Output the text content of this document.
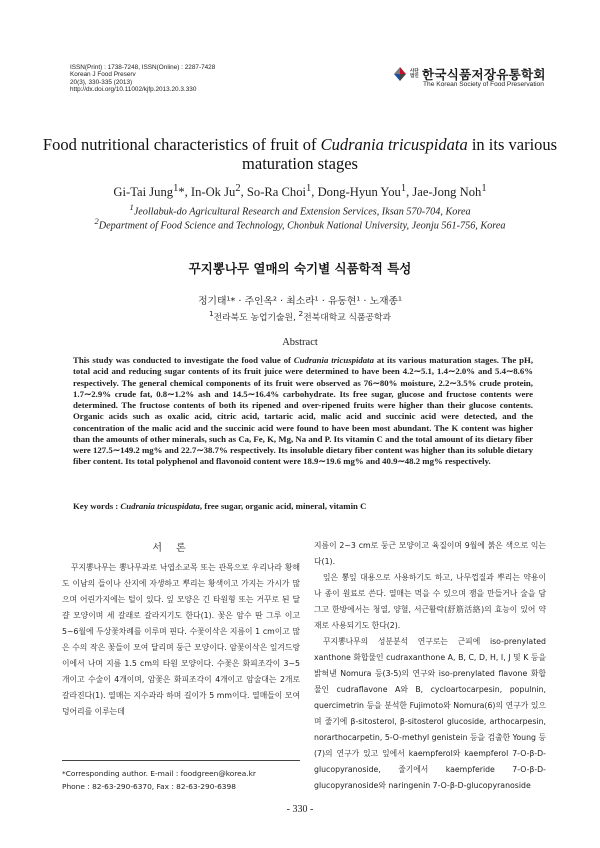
ISSN(Print) : 1738-7248, ISSN(Online) : 2287-7428
Korean J Food Preserv
20(3), 330-335 (2013)
http://dx.doi.org/10.11002/kjfp.2013.20.3.330
사단
법인 한국식품저장유통학회
The Korean Society of Food Preservation
Food nutritional characteristics of fruit of Cudrania tricuspidata in its various maturation stages
Gi-Tai Jung$^1$*, In-Ok Ju$^2$, So-Ra Choi$^1$, Dong-Hyun You$^1$, Jae-Jong Noh$^1$
$^1$Jeollabuk-do Agricultural Research and Extension Services, Iksan 570-704, Korea
$^2$Department of Food Science and Technology, Chonbuk National University, Jeonju 561-756, Korea
꾸지뽕나무 열매의 숙기별 식품학적 특성
정기태¹* · 주인옥² · 최소라¹ · 유동현¹ · 노재종¹
$^1$전라북도 농업기술원, $^2$전북대학교 식품공학과
Abstract
This study was conducted to investigate the food value of Cudrania tricuspidata at its various maturation stages. The pH, total acid and reducing sugar contents of its fruit juice were determined to have been 4.2∼5.1, 1.4∼2.0% and 5.4∼8.6% respectively. The general chemical components of its fruit were observed as 76∼80% moisture, 2.2∼3.5% crude protein, 1.7∼2.9% crude fat, 0.8∼1.2% ash and 14.5∼16.4% carbohydrate. Its free sugar, glucose and fructose contents were determined. The fructose contents of both its ripened and over-ripened fruits were higher than their glucose contents. Organic acids such as oxalic acid, citric acid, tartaric acid, malic acid and succinic acid were detected, and the concentration of the malic acid and the succinic acid were found to have been most abundant. The K content was higher than the amounts of other minerals, such as Ca, Fe, K, Mg, Na and P. Its vitamin C and the total amount of its dietary fiber were 127.5∼149.2 mg% and 22.7∼38.7% respectively. Its insoluble dietary fiber content was higher than its soluble dietary fiber content. Its total polyphenol and flavonoid content were 18.9∼19.6 mg% and 40.9∼48.2 mg% respectively.
Key words : Cudrania tricuspidata, free sugar, organic acid, mineral, vitamin C
서론

꾸지뽕나무는 뽕나무과로 낙엽소교목 또는 관목으로 우리나라 황해도 이남의 들이나 산지에 자생하고 뿌리는 황색이고 가지는 가시가 많으며 어린가지에는 털이 있다. 잎 모양은 긴 타원형 또는 거꾸로 된 달걀 모양이며 세 갈래로 갈라지기도 한다(1). 꽃은 암수 딴 그루 이고 5~6월에 두상꽃차례를 이루며 핀다. 수꽃이삭은 지름이 1 cm이고 많은 수의 작은 꽃들이 모여 달리며 둥근 모양이다. 암꽃이삭은 잎겨드랑이에서 나며 지름 1.5 cm의 타원 모양이다. 수꽃은 화피조각이 3~5개이고 수술이 4개이며, 암꽃은 화피조각이 4개이고 암술대는 2개로 갈라진다(1). 열매는 지수과라 하며 길이가 5 mm이다. 열매들이 모여 덩어리를 이루는데

지름이 2~3 cm로 둥근 모양이고 육질이며 9월에 붉은 색으로 익는다(1).

잎은 뽕잎 대용으로 사용하기도 하고, 나무껍질과 뿌리는 약용이나 종이 원료로 쓴다. 열매는 먹을 수 있으며 잼을 만들거나 술을 담그고 한방에서는 청열, 양혈, 서근활락(舒筋活絡)의 효능이 있어 약재로 사용되기도 한다(2).

꾸지뽕나무의 성분분석 연구로는 근피에 iso-prenylated xanthone 화합물인 cudraxanthone A, B, C, D, H, I, J 및 K 등을 밝혀낸 Nomura 등(3-5)의 연구와 iso-prenylated flavone 화합물인 cudraflavone A와 B, cycloartocarpesin, populnin, quercimetrin 등을 분석한 Fujimoto와 Nomura(6)의 연구가 있으며 줄기에 β-sitosterol, β-sitosterol glucoside, arthocarpesin, norarthocarpetin, 5-O-methyl genistein 등을 검출한 Young 등(7)의 연구가 있고 잎에서 kaempferol와 kaempferol 7-O-β-D-glucopyranoside, 줄기에서 kaempferide 7-O-β-D-glucopyranoside와 naringenin 7-O-β-D-glucopyranoside

*Corresponding author. E-mail : foodgreen@korea.kr
Phone : 82-63-290-6370, Fax : 82-63-290-6398
- 330 -
